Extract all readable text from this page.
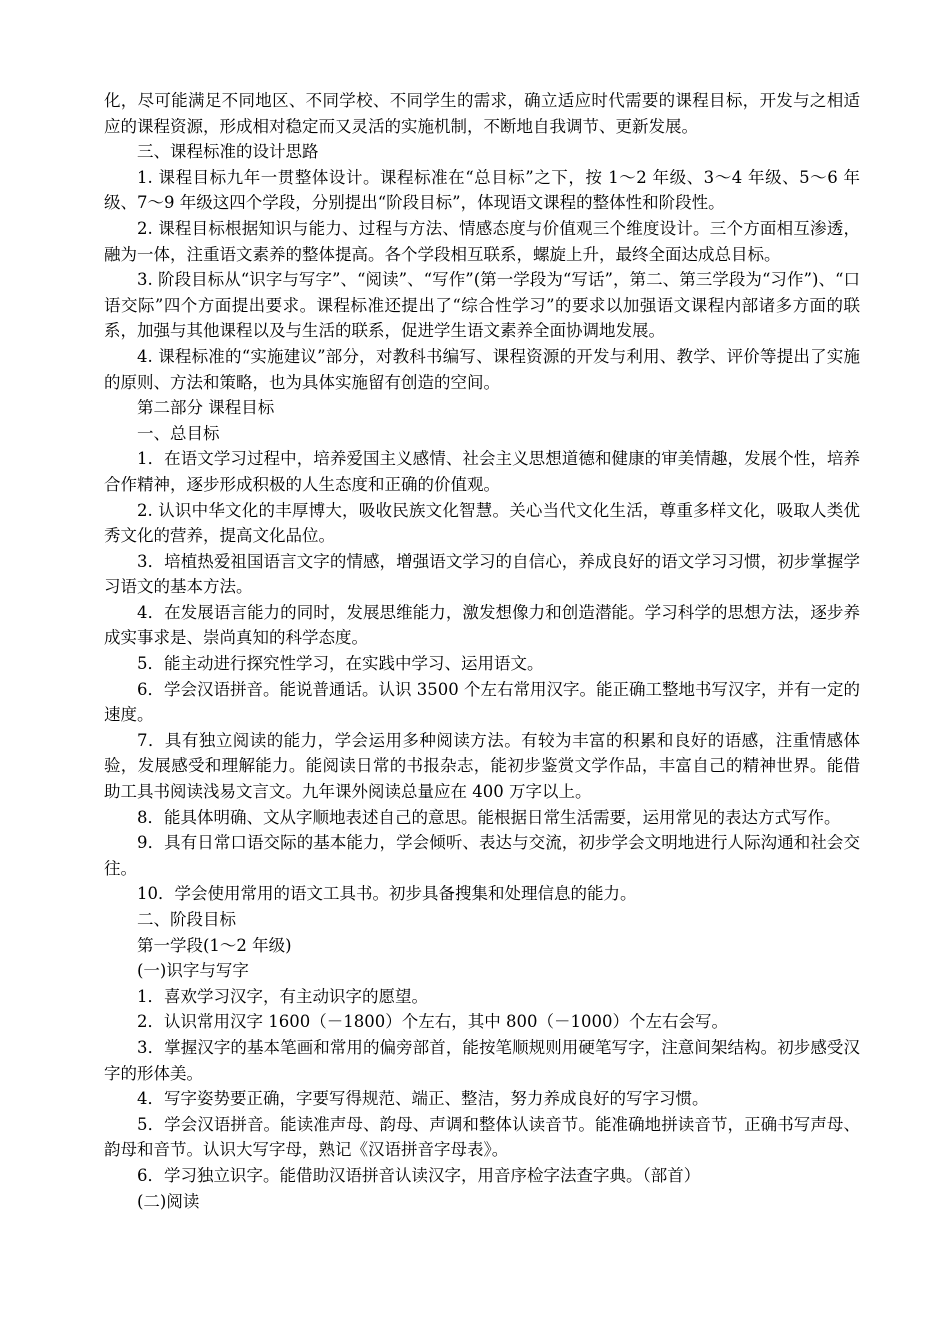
化，尽可能满足不同地区、不同学校、不同学生的需求，确立适应时代需要的课程目标，开发与之相适应的课程资源，形成相对稳定而又灵活的实施机制，不断地自我调节、更新发展。

三、课程标准的设计思路

1. 课程目标九年一贯整体设计。课程标准在“总目标”之下，按 1～2 年级、3～4 年级、5～6 年级、7～9 年级这四个学段，分别提出“阶段目标”，体现语文课程的整体性和阶段性。

2. 课程目标根据知识与能力、过程与方法、情感态度与价值观三个维度设计。三个方面相互渗透，融为一体，注重语文素养的整体提高。各个学段相互联系，螺旋上升，最终全面达成总目标。

3. 阶段目标从“识字与写字”、“阅读”、“写作”(第一学段为“写话”，第二、第三学段为“习作”)、“口语交际”四个方面提出要求。课程标准还提出了“综合性学习”的要求以加强语文课程内部诸多方面的联系，加强与其他课程以及与生活的联系，促进学生语文素养全面协调地发展。

4. 课程标准的“实施建议”部分，对教科书编写、课程资源的开发与利用、教学、评价等提出了实施的原则、方法和策略，也为具体实施留有创造的空间。

第二部分 课程目标

一、总目标

1．在语文学习过程中，培养爱国主义感情、社会主义思想道德和健康的审美情趣，发展个性，培养合作精神，逐步形成积极的人生态度和正确的价值观。

2. 认识中华文化的丰厚博大，吸收民族文化智慧。关心当代文化生活，尊重多样文化，吸取人类优秀文化的营养，提高文化品位。

3．培植热爱祖国语言文字的情感，增强语文学习的自信心，养成良好的语文学习习惯，初步掌握学习语文的基本方法。

4．在发展语言能力的同时，发展思维能力，激发想像力和创造潜能。学习科学的思想方法，逐步养成实事求是、崇尚真知的科学态度。

5．能主动进行探究性学习，在实践中学习、运用语文。

6．学会汉语拼音。能说普通话。认识 3500 个左右常用汉字。能正确工整地书写汉字，并有一定的速度。

7．具有独立阅读的能力，学会运用多种阅读方法。有较为丰富的积累和良好的语感，注重情感体验，发展感受和理解能力。能阅读日常的书报杂志，能初步鉴赏文学作品，丰富自己的精神世界。能借助工具书阅读浅易文言文。九年课外阅读总量应在 400 万字以上。

8．能具体明确、文从字顺地表述自己的意思。能根据日常生活需要，运用常见的表达方式写作。

9．具有日常口语交际的基本能力，学会倾听、表达与交流，初步学会文明地进行人际沟通和社会交往。

10．学会使用常用的语文工具书。初步具备搜集和处理信息的能力。

二、阶段目标

第一学段(1～2 年级)

(一)识字与写字

1．喜欢学习汉字，有主动识字的愿望。

2．认识常用汉字 1600（－1800）个左右，其中 800（－1000）个左右会写。

3．掌握汉字的基本笔画和常用的偏旁部首，能按笔顺规则用硬笔写字，注意间架结构。初步感受汉字的形体美。

4．写字姿势要正确，字要写得规范、端正、整洁，努力养成良好的写字习惯。

5．学会汉语拼音。能读准声母、韵母、声调和整体认读音节。能准确地拼读音节，正确书写声母、韵母和音节。认识大写字母，熟记《汉语拼音字母表》。

6．学习独立识字。能借助汉语拼音认读汉字，用音序检字法查字典。（部首）

(二)阅读
